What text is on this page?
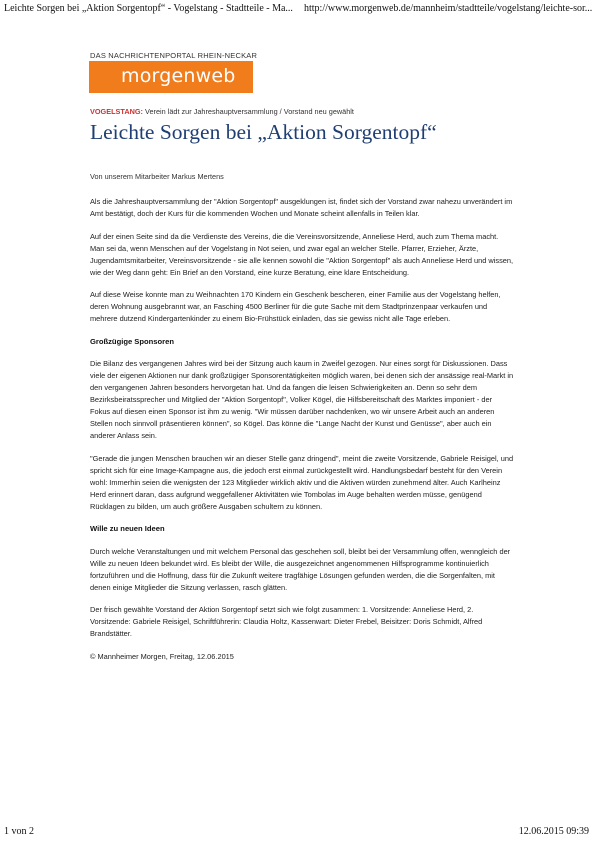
Leichte Sorgen bei „Aktion Sorgentopf“ - Vogelstang - Stadtteile - Ma... http://www.morgenweb.de/mannheim/stadtteile/vogelstang/leichte-sor...
DAS NACHRICHTENPORTAL RHEIN-NECKAR
morgenweb
VOGELSTANG: Verein lädt zur Jahreshauptversammlung / Vorstand neu gewählt
Leichte Sorgen bei „Aktion Sorgentopf“
Von unserem Mitarbeiter Markus Mertens

Als die Jahreshauptversammlung der "Aktion Sorgentopf" ausgeklungen ist, findet sich der Vorstand zwar nahezu unverändert im Amt bestätigt, doch der Kurs für die kommenden Wochen und Monate scheint allenfalls in Teilen klar.

Auf der einen Seite sind da die Verdienste des Vereins, die die Vereinsvorsitzende, Anneliese Herd, auch zum Thema macht. Man sei da, wenn Menschen auf der Vogelstang in Not seien, und zwar egal an welcher Stelle. Pfarrer, Erzieher, Ärzte, Jugendamtsmitarbeiter, Vereinsvorsitzende - sie alle kennen sowohl die "Aktion Sorgentopf" als auch Anneliese Herd und wissen, wie der Weg dann geht: Ein Brief an den Vorstand, eine kurze Beratung, eine klare Entscheidung.

Auf diese Weise konnte man zu Weihnachten 170 Kindern ein Geschenk bescheren, einer Familie aus der Vogelstang helfen, deren Wohnung ausgebrannt war, an Fasching 4500 Berliner für die gute Sache mit dem Stadtprinzenpaar verkaufen und mehrere dutzend Kindergartenkinder zu einem Bio-Frühstück einladen, das sie gewiss nicht alle Tage erleben.

Großzügige Sponsoren

Die Bilanz des vergangenen Jahres wird bei der Sitzung auch kaum in Zweifel gezogen. Nur eines sorgt für Diskussionen. Dass viele der eigenen Aktionen nur dank großzügiger Sponsorentätigkeiten möglich waren, bei denen sich der ansässige real-Markt in den vergangenen Jahren besonders hervorgetan hat. Und da fangen die leisen Schwierigkeiten an. Denn so sehr dem Bezirksbeiratssprecher und Mitglied der "Aktion Sorgentopf", Volker Kögel, die Hilfsbereitschaft des Marktes imponiert - der Fokus auf diesen einen Sponsor ist ihm zu wenig. "Wir müssen darüber nachdenken, wo wir unsere Arbeit auch an anderen Stellen noch sinnvoll präsentieren können", so Kögel. Das könne die "Lange Nacht der Kunst und Genüsse", aber auch ein anderer Anlass sein.

"Gerade die jungen Menschen brauchen wir an dieser Stelle ganz dringend", meint die zweite Vorsitzende, Gabriele Reisigel, und spricht sich für eine Image-Kampagne aus, die jedoch erst einmal zurückgestellt wird. Handlungsbedarf besteht für den Verein wohl: Immerhin seien die wenigsten der 123 Mitglieder wirklich aktiv und die Aktiven würden zunehmend älter. Auch Karlheinz Herd erinnert daran, dass aufgrund weggefallener Aktivitäten wie Tombolas im Auge behalten werden müsse, genügend Rücklagen zu bilden, um auch größere Ausgaben schultern zu können.

Wille zu neuen Ideen

Durch welche Veranstaltungen und mit welchem Personal das geschehen soll, bleibt bei der Versammlung offen, wenngleich der Wille zu neuen Ideen bekundet wird. Es bleibt der Wille, die ausgezeichnet angenommenen Hilfsprogramme kontinuierlich fortzuführen und die Hoffnung, dass für die Zukunft weitere tragfähige Lösungen gefunden werden, die die Sorgenfalten, mit denen einige Mitglieder die Sitzung verlassen, rasch glätten.

Der frisch gewählte Vorstand der Aktion Sorgentopf setzt sich wie folgt zusammen: 1. Vorsitzende: Anneliese Herd, 2. Vorsitzende: Gabriele Reisigel, Schriftführerin: Claudia Holtz, Kassenwart: Dieter Frebel, Beisitzer: Doris Schmidt, Alfred Brandstätter.

© Mannheimer Morgen, Freitag, 12.06.2015

1 von 2	12.06.2015 09:39
